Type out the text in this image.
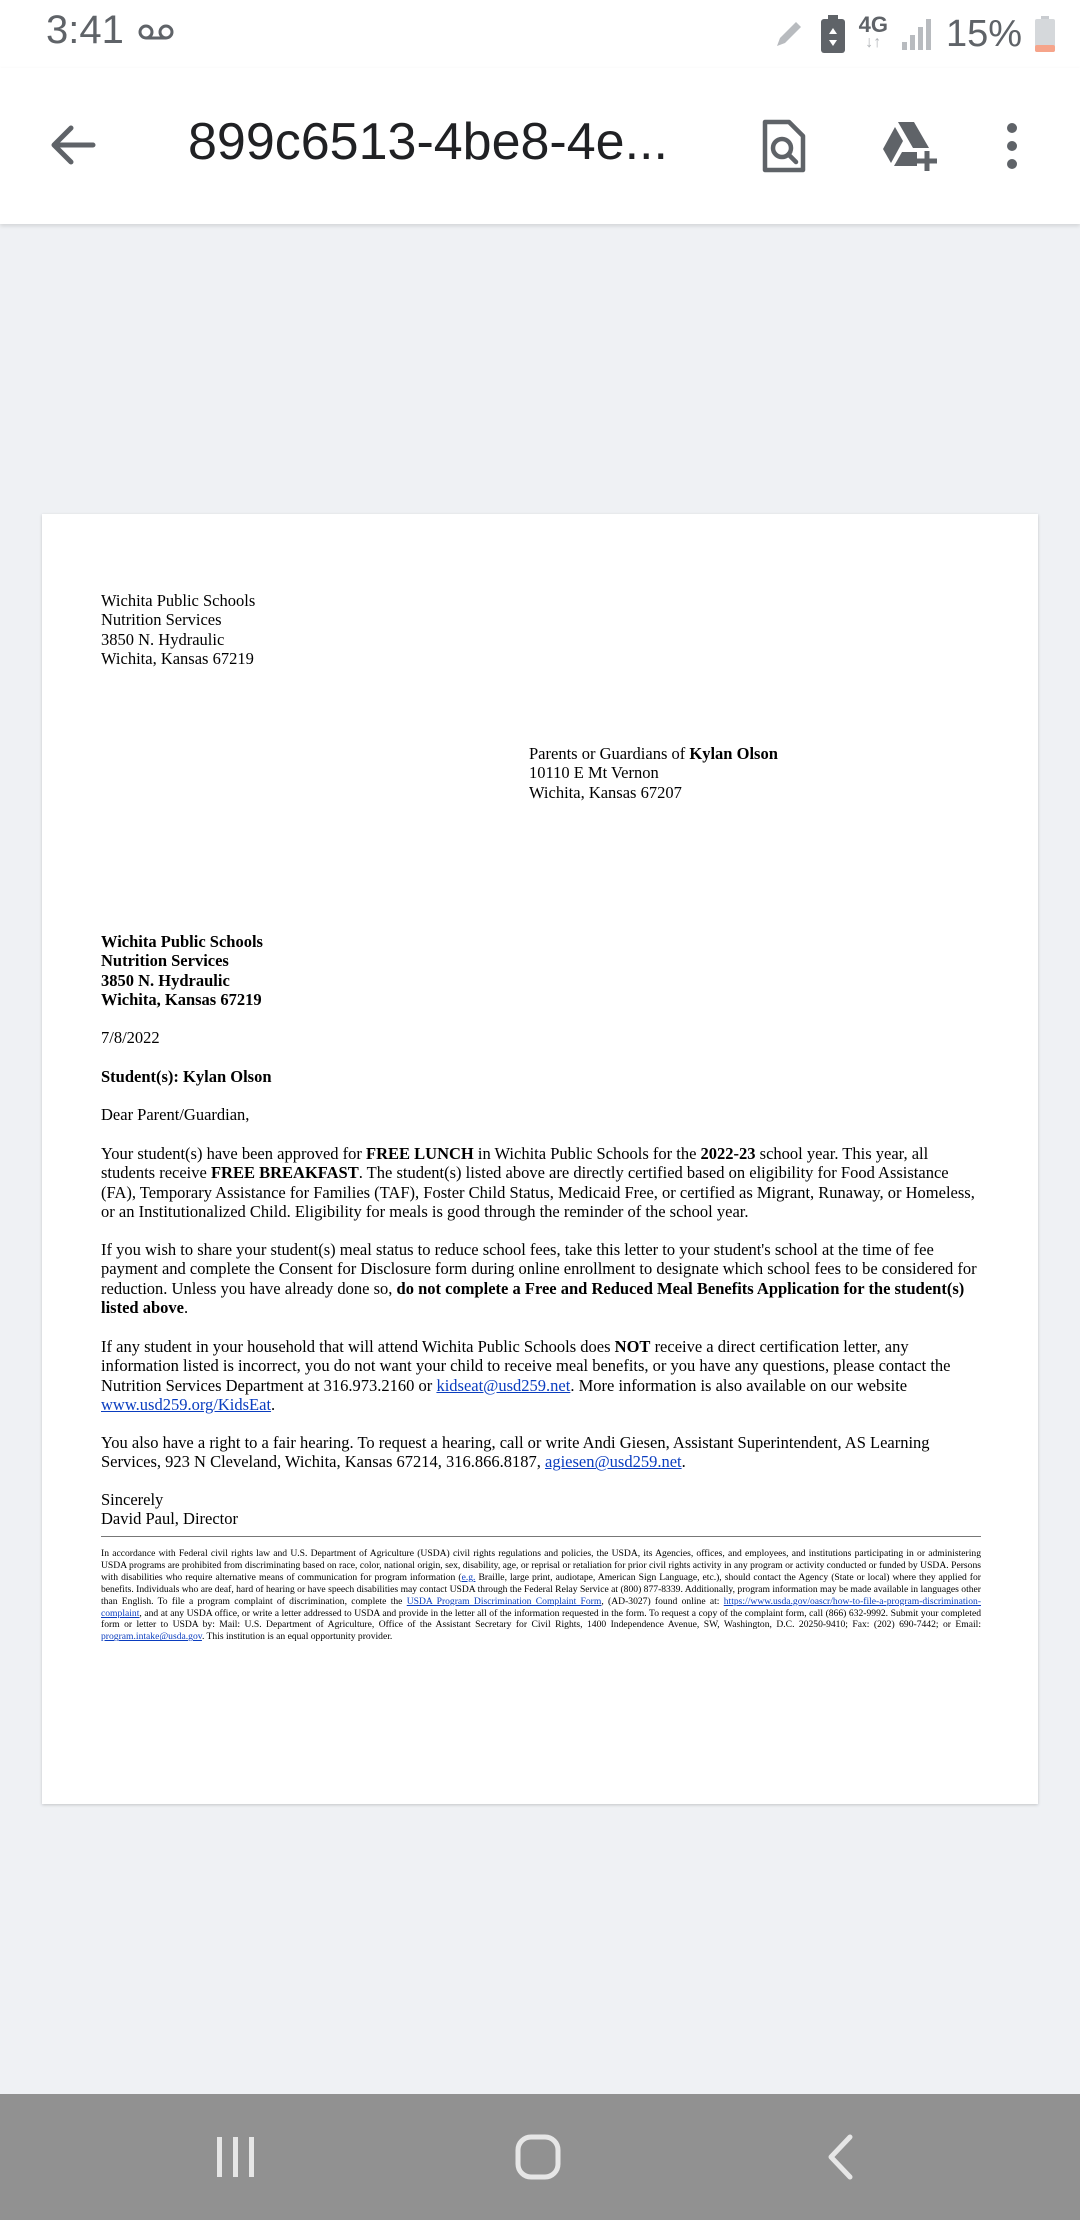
3:41	4G
↓↑ 15%
899c6513-4be8-4e...
Wichita Public Schools
Nutrition Services
3850 N. Hydraulic
Wichita, Kansas 67219
Parents or Guardians of Kylan Olson
10110 E Mt Vernon
Wichita, Kansas 67207
Wichita Public Schools
Nutrition Services
3850 N. Hydraulic
Wichita, Kansas 67219
7/8/2022
Student(s): Kylan Olson
Dear Parent/Guardian,
Your student(s) have been approved for FREE LUNCH in Wichita Public Schools for the 2022-23 school year. This year, all students receive FREE BREAKFAST. The student(s) listed above are directly certified based on eligibility for Food Assistance (FA), Temporary Assistance for Families (TAF), Foster Child Status, Medicaid Free, or certified as Migrant, Runaway, or Homeless, or an Institutionalized Child. Eligibility for meals is good through the reminder of the school year.
If you wish to share your student(s) meal status to reduce school fees, take this letter to your student's school at the time of fee payment and complete the Consent for Disclosure form during online enrollment to designate which school fees to be considered for reduction. Unless you have already done so, do not complete a Free and Reduced Meal Benefits Application for the student(s) listed above.
If any student in your household that will attend Wichita Public Schools does NOT receive a direct certification letter, any information listed is incorrect, you do not want your child to receive meal benefits, or you have any questions, please contact the Nutrition Services Department at 316.973.2160 or kidseat@usd259.net. More information is also available on our website www.usd259.org/KidsEat.
You also have a right to a fair hearing. To request a hearing, call or write Andi Giesen, Assistant Superintendent, AS Learning Services, 923 N Cleveland, Wichita, Kansas 67214, 316.866.8187, agiesen@usd259.net.
Sincerely
David Paul, Director
In accordance with Federal civil rights law and U.S. Department of Agriculture (USDA) civil rights regulations and policies, the USDA, its Agencies, offices, and employees, and institutions participating in or administering USDA programs are prohibited from discriminating based on race, color, national origin, sex, disability, age, or reprisal or retaliation for prior civil rights activity in any program or activity conducted or funded by USDA. Persons with disabilities who require alternative means of communication for program information (e.g. Braille, large print, audiotape, American Sign Language, etc.), should contact the Agency (State or local) where they applied for benefits. Individuals who are deaf, hard of hearing or have speech disabilities may contact USDA through the Federal Relay Service at (800) 877-8339. Additionally, program information may be made available in languages other than English. To file a program complaint of discrimination, complete the USDA Program Discrimination Complaint Form, (AD-3027) found online at: https://www.usda.gov/oascr/how-to-file-a-program-discrimination-complaint, and at any USDA office, or write a letter addressed to USDA and provide in the letter all of the information requested in the form. To request a copy of the complaint form, call (866) 632-9992. Submit your completed form or letter to USDA by: Mail: U.S. Department of Agriculture, Office of the Assistant Secretary for Civil Rights, 1400 Independence Avenue, SW, Washington, D.C. 20250-9410; Fax: (202) 690-7442; or Email: program.intake@usda.gov. This institution is an equal opportunity provider.
